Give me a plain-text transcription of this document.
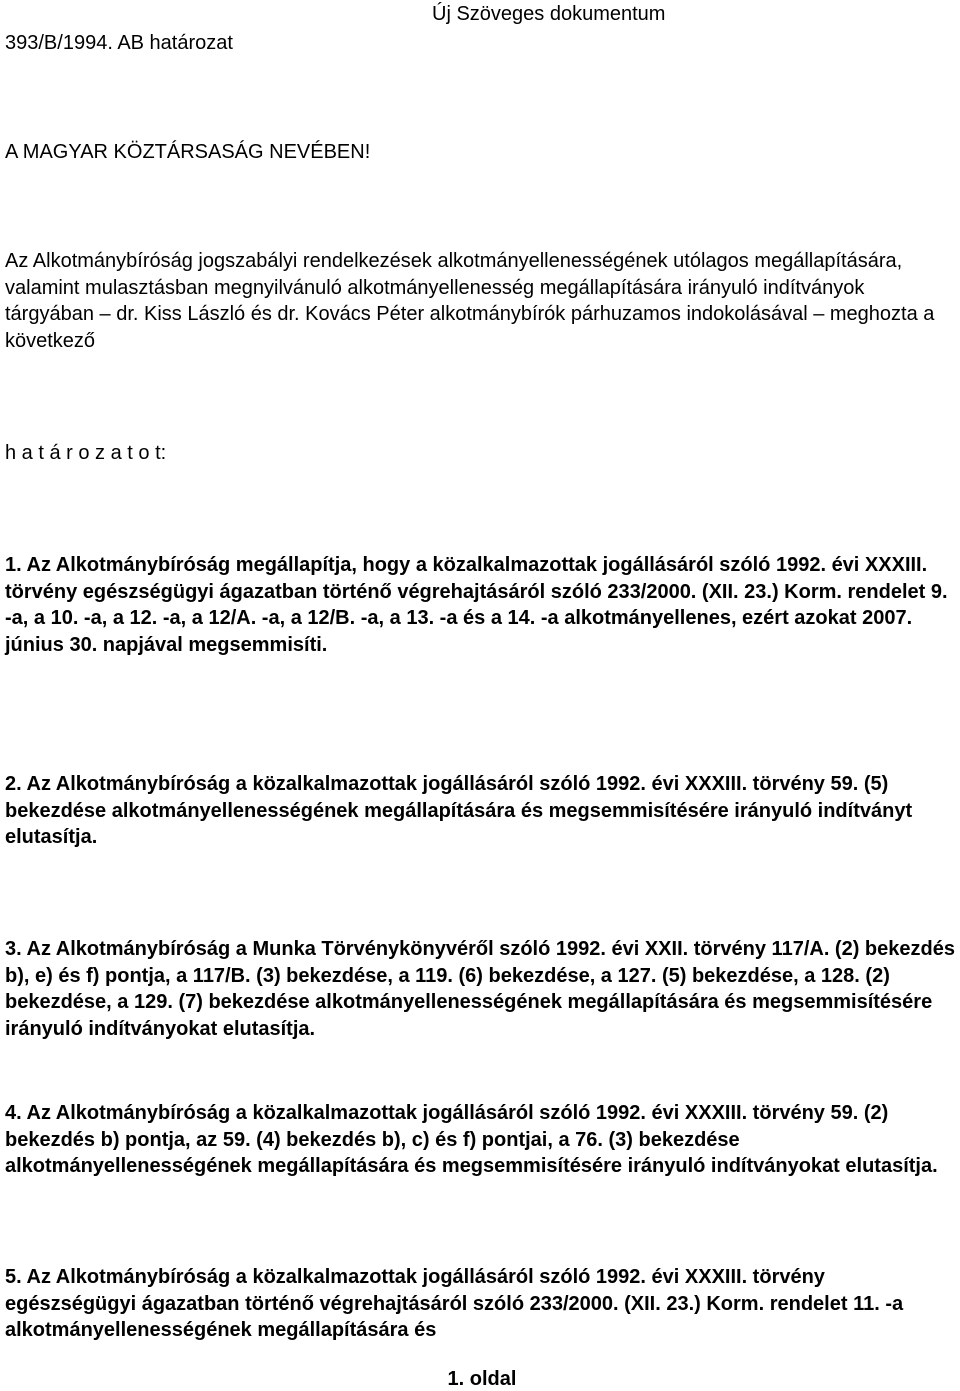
393/B/1994. AB határozat

Új Szöveges dokumentum

A MAGYAR KÖZTÁRSASÁG NEVÉBEN!

Az Alkotmánybíróság jogszabályi rendelkezések alkotmányellenességének utólagos megállapítására, valamint mulasztásban megnyilvánuló alkotmányellenesség megállapítására irányuló indítványok tárgyában – dr. Kiss László és dr. Kovács Péter alkotmánybírók párhuzamos indokolásával – meghozta a következő

h a t á r o z a t o t:

1. Az Alkotmánybíróság megállapítja, hogy a közalkalmazottak jogállásáról szóló 1992. évi XXXIII. törvény egészségügyi ágazatban történő végrehajtásáról szóló 233/2000. (XII. 23.) Korm. rendelet 9. -a, a 10. -a, a 12. -a, a 12/A. -a, a 12/B. -a, a 13. -a és a 14. -a alkotmányellenes, ezért azokat 2007. június 30. napjával megsemmisíti.

2. Az Alkotmánybíróság a közalkalmazottak jogállásáról szóló 1992. évi XXXIII. törvény 59. (5) bekezdése alkotmányellenességének megállapítására és megsemmisítésére irányuló indítványt elutasítja.

3. Az Alkotmánybíróság a Munka Törvénykönyvéről szóló 1992. évi XXII. törvény 117/A. (2) bekezdés b), e) és f) pontja, a 117/B. (3) bekezdése, a 119. (6) bekezdése, a 127. (5) bekezdése, a 128. (2) bekezdése, a 129. (7) bekezdése alkotmányellenességének megállapítására és megsemmisítésére irányuló indítványokat elutasítja.

4. Az Alkotmánybíróság a közalkalmazottak jogállásáról szóló 1992. évi XXXIII. törvény 59. (2) bekezdés b) pontja, az 59. (4) bekezdés b), c) és f) pontjai, a 76. (3) bekezdése alkotmányellenességének megállapítására és megsemmisítésére irányuló indítványokat elutasítja.

5. Az Alkotmánybíróság a közalkalmazottak jogállásáról szóló 1992. évi XXXIII. törvény egészségügyi ágazatban történő végrehajtásáról szóló 233/2000. (XII. 23.) Korm. rendelet 11. -a alkotmányellenességének megállapítására és

1. oldal
